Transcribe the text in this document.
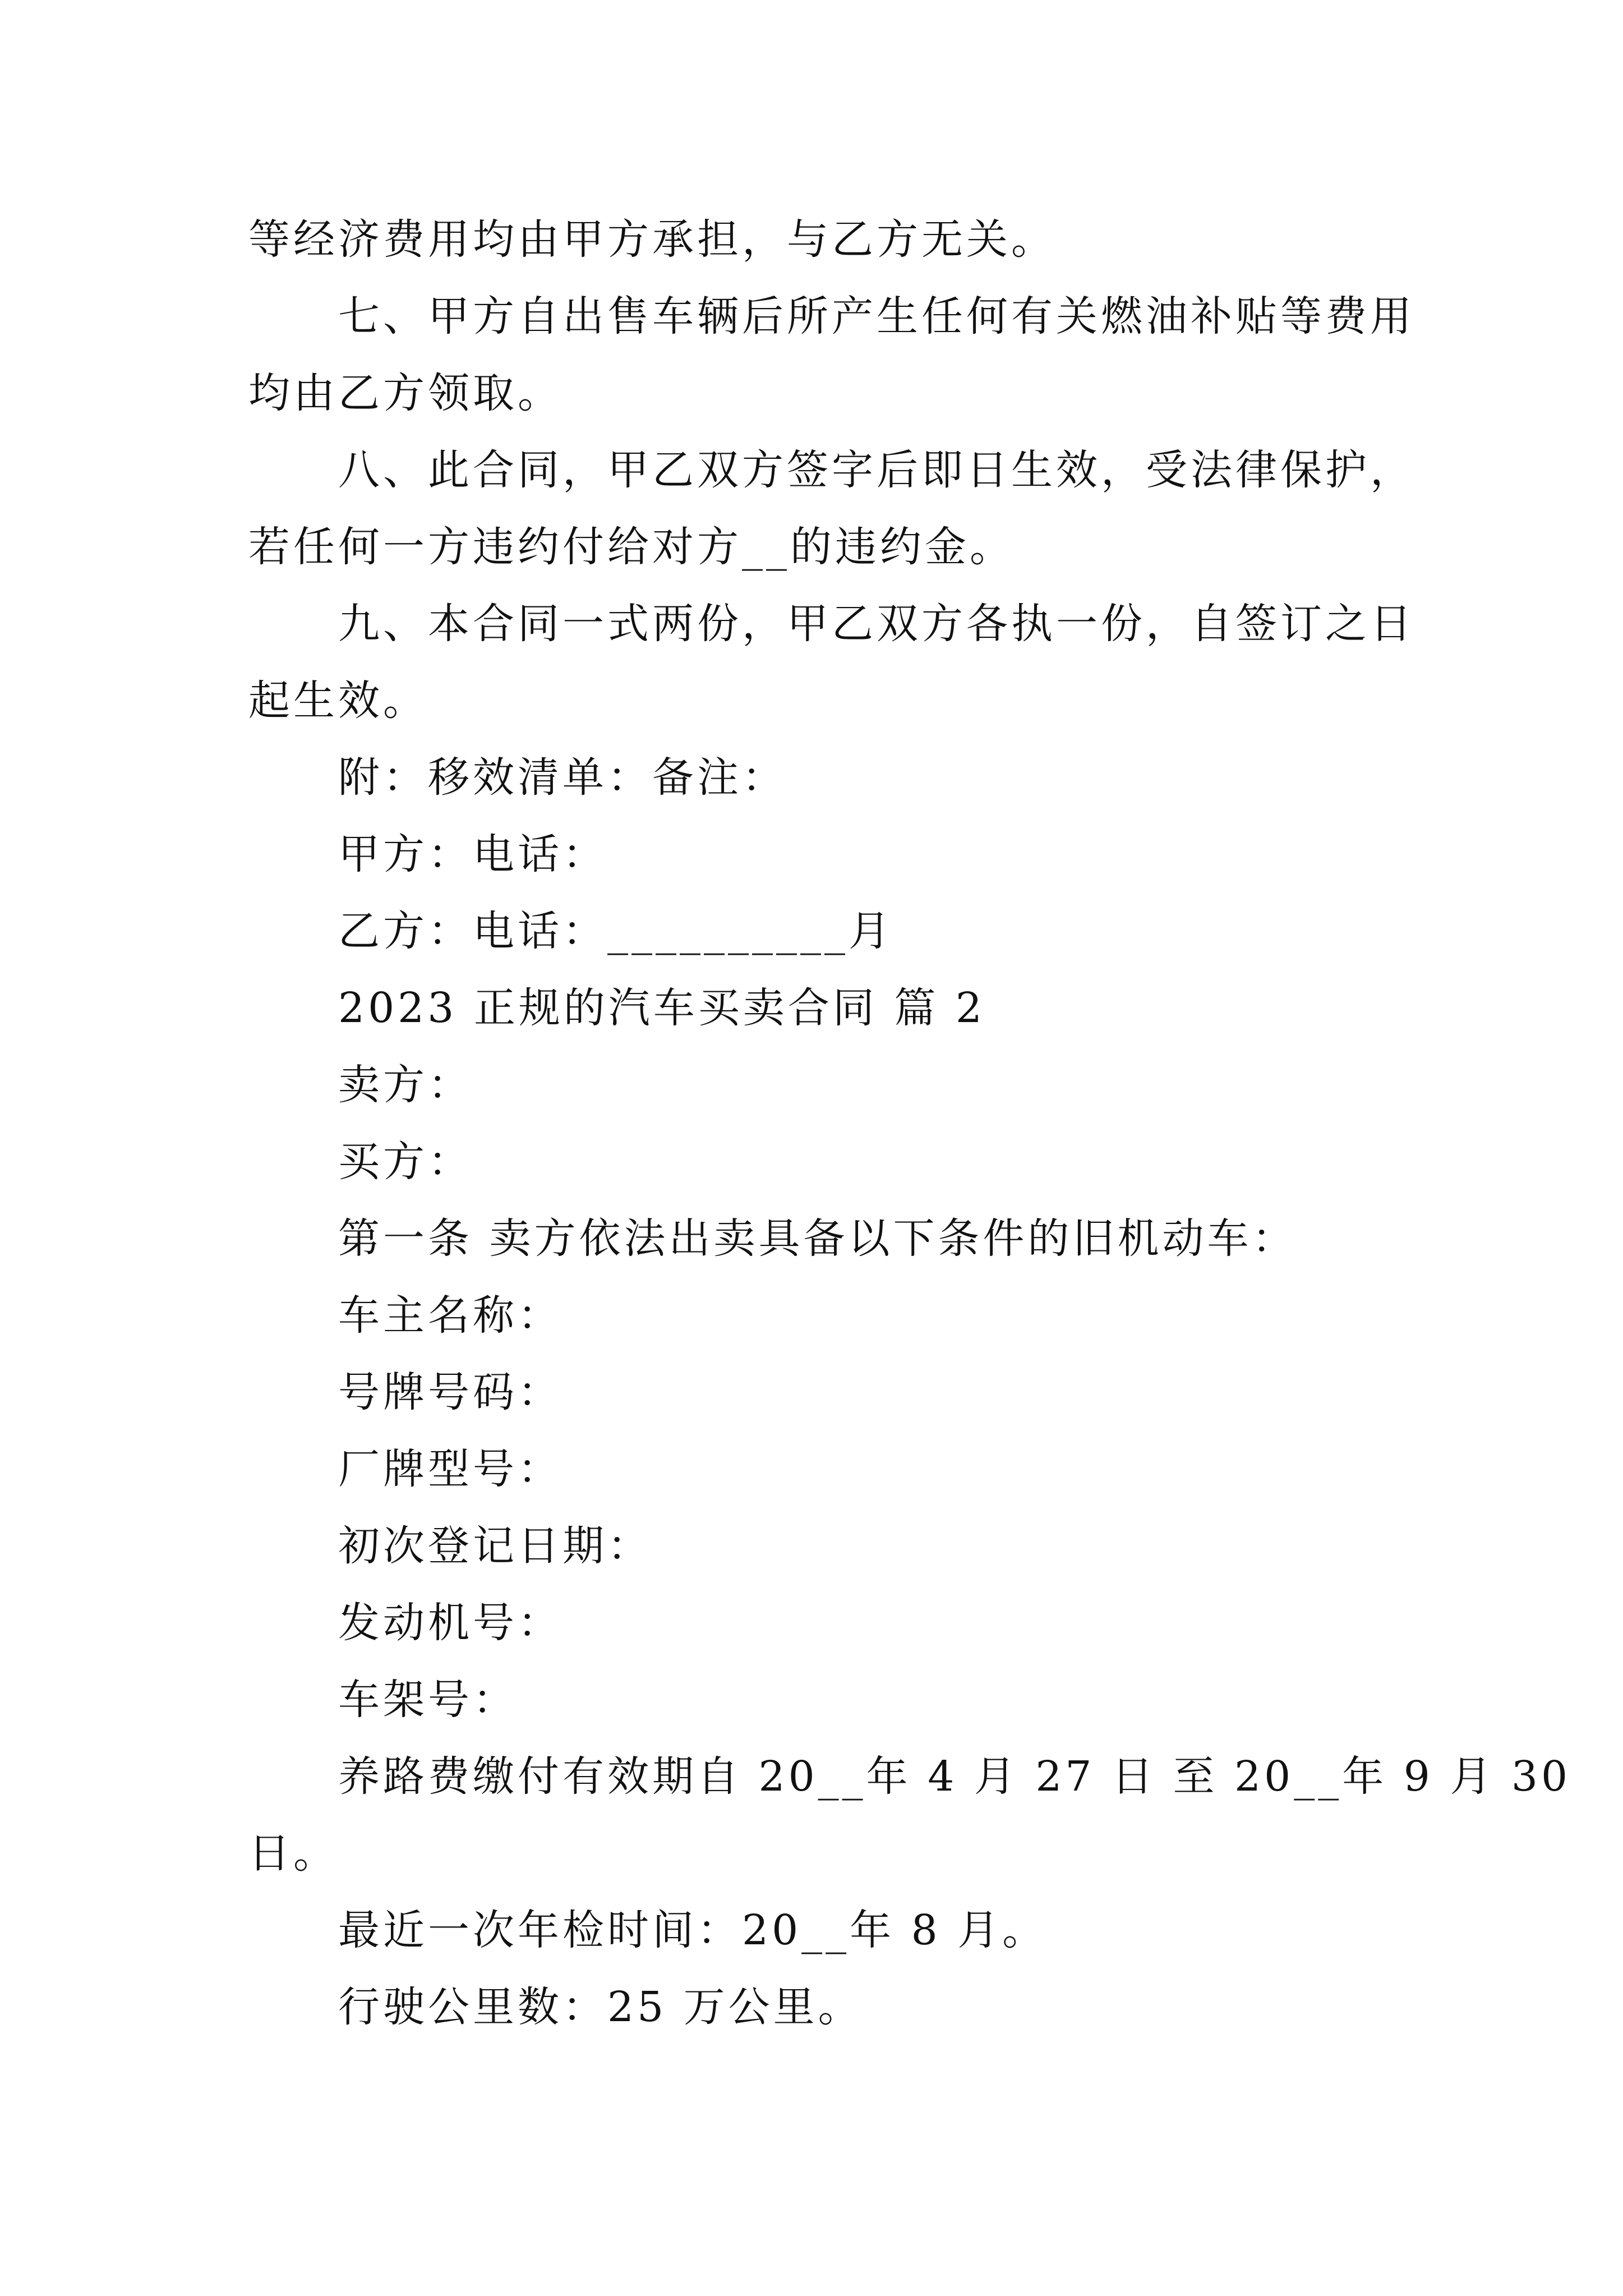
等经济费用均由甲方承担，与乙方无关。
七、甲方自出售车辆后所产生任何有关燃油补贴等费用
均由乙方领取。
八、此合同，甲乙双方签字后即日生效，受法律保护，
若任何一方违约付给对方__的违约金。
九、本合同一式两份，甲乙双方各执一份，自签订之日
起生效。
附：移效清单：备注：
甲方：电话：
乙方：电话：__________月
2023 正规的汽车买卖合同 篇 2
卖方：
买方：
第一条 卖方依法出卖具备以下条件的旧机动车：
车主名称：
号牌号码：
厂牌型号：
初次登记日期：
发动机号：
车架号：
养路费缴付有效期自 20__年 4 月 27 日 至 20__年 9 月 30
日。
最近一次年检时间：20__年 8 月。
行驶公里数：25 万公里。
